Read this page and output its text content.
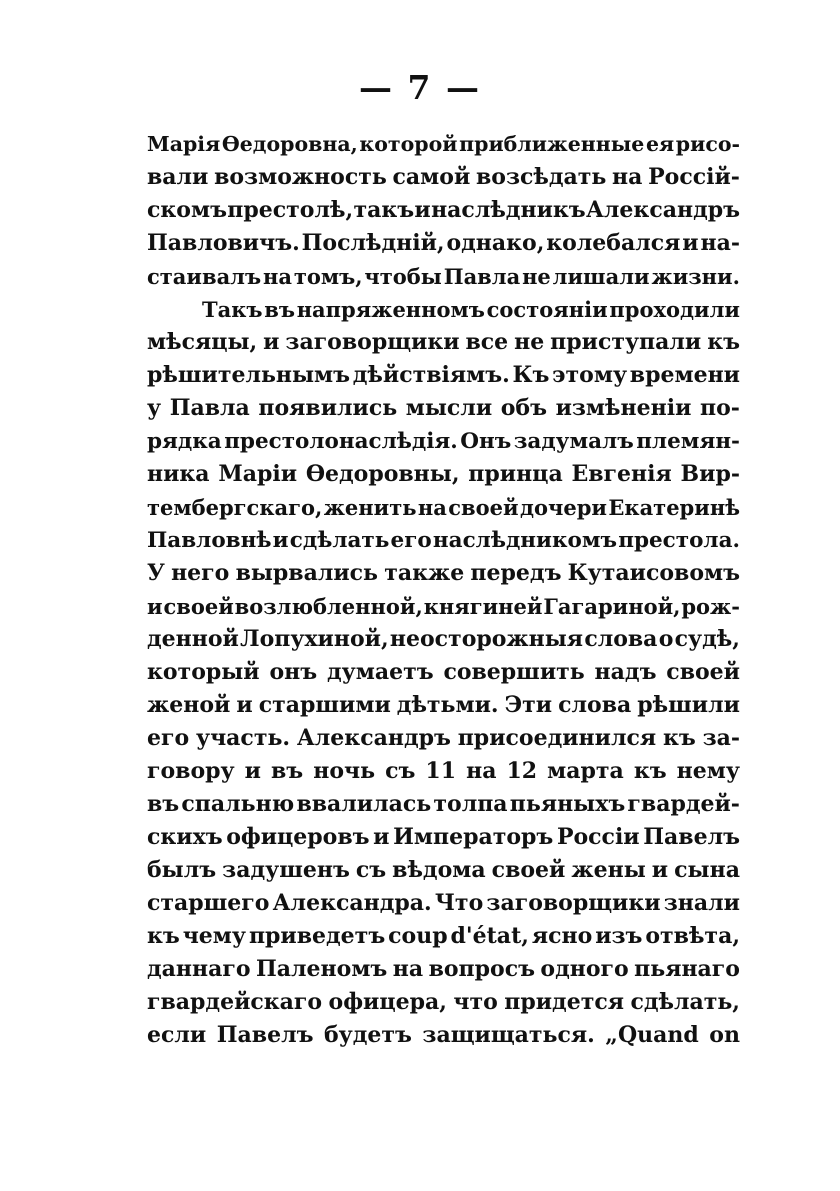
— 7 —
Марія Өедоровна, которой приближенные ея рисо-
вали возможность самой возсѣдать на Россій-
скомъ престолѣ, такъ и наслѣдникъ Александръ
Павловичъ. Послѣдній, однако, колебался и на-
стаивалъ на томъ, чтобы Павла не лишали жизни.
Такъ въ напряженномъ состояніи проходили
мѣсяцы, и заговорщики все не приступали къ
рѣшительнымъ дѣйствіямъ. Къ этому времени
у Павла появились мысли объ измѣненіи по-
рядка престолонаслѣдія. Онъ задумалъ племян-
ника Маріи Өедоровны, принца Евгенія Вир-
тембергскаго, женить на своей дочери Екатеринѣ
Павловнѣ и сдѣлать его наслѣдникомъ престола.
У него вырвались также передъ Кутаисовомъ
и своей возлюбленной, княгиней Гагариной, рож-
денной Лопухиной, неосторожныя слова о судѣ,
который онъ думаетъ совершить надъ своей
женой и старшими дѣтьми. Эти слова рѣшили
его участь. Александръ присоединился къ за-
говору и въ ночь съ 11 на 12 марта къ нему
въ спальню ввалилась толпа пьяныхъ гвардей-
скихъ офицеровъ и Императоръ Россіи Павелъ
былъ задушенъ съ вѣдома своей жены и сына
старшего Александра. Что заговорщики знали
къ чему приведетъ coup d'état, ясно изъ отвѣта,
даннаго Паленомъ на вопросъ одного пьянаго
гвардейскаго офицера, что придется сдѣлать,
если Павелъ будетъ защищаться. „Quand on
